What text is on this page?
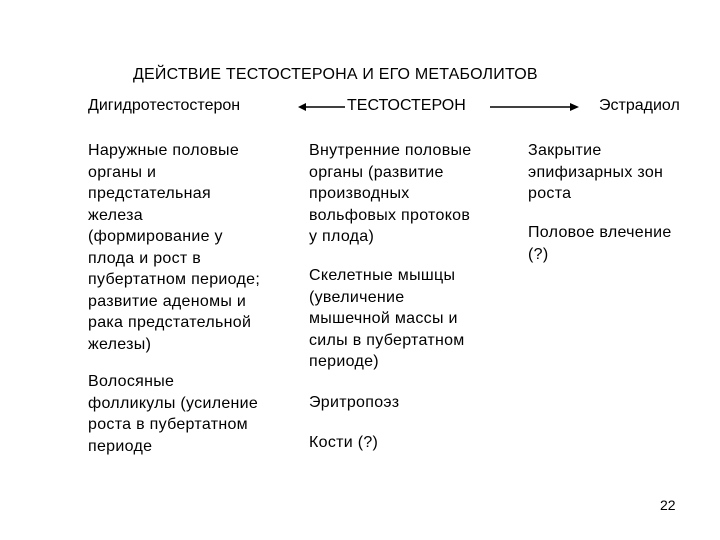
ДЕЙСТВИЕ ТЕСТОСТЕРОНА И ЕГО МЕТАБОЛИТОВ
Дигидротестостерон	ТЕСТОСТЕРОН	Эстрадиол
Наружные половые
органы и
предстательная
железа
(формирование у
плода и рост в
пубертатном периоде;
развитие аденомы и
рака предстательной
железы)
Волосяные
фолликулы (усиление
роста в пубертатном
периоде
Внутренние половые
органы (развитие
производных
вольфовых протоков
у плода)
Скелетные мышцы
(увеличение
мышечной массы и
силы в пубертатном
периоде)
Эритропоэз
Кости (?)
Закрытие
эпифизарных зон
роста
Половое влечение
(?)
22
